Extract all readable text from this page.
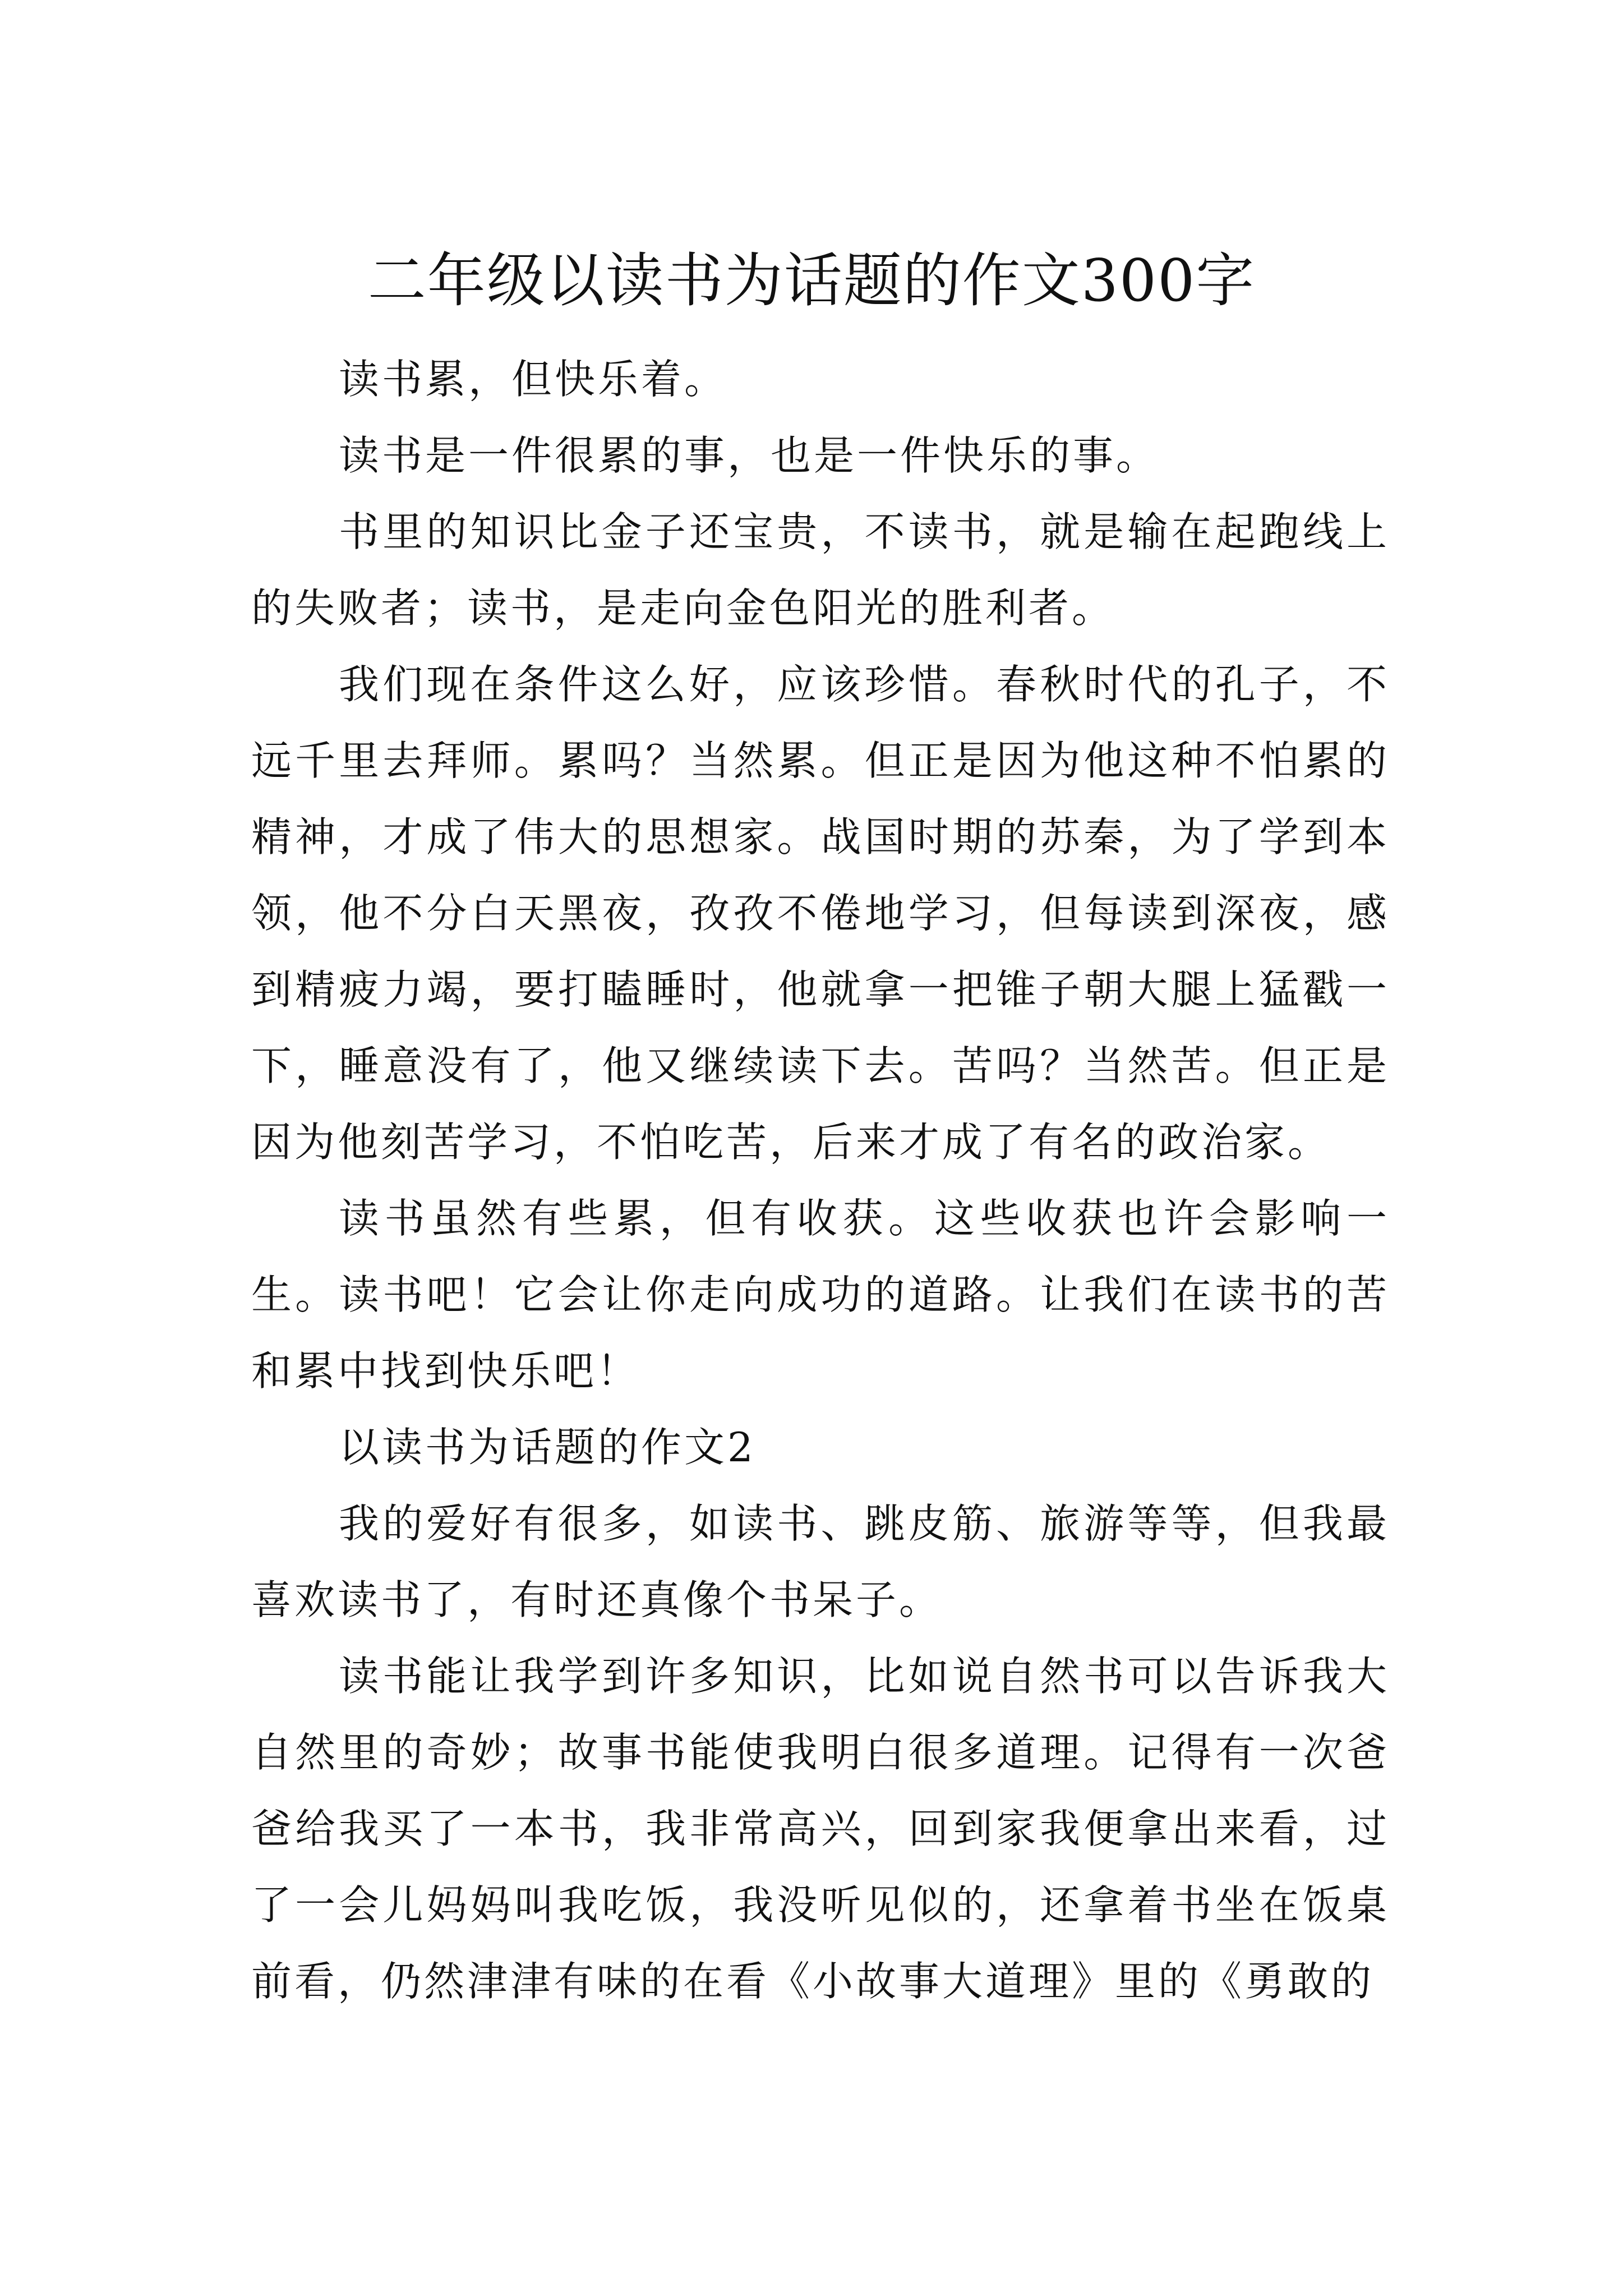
二年级以读书为话题的作文300字

读书累，但快乐着。

读书是一件很累的事，也是一件快乐的事。

书里的知识比金子还宝贵，不读书，就是输在起跑线上的失败者；读书，是走向金色阳光的胜利者。

我们现在条件这么好，应该珍惜。春秋时代的孔子，不远千里去拜师。累吗？当然累。但正是因为他这种不怕累的精神，才成了伟大的思想家。战国时期的苏秦，为了学到本领，他不分白天黑夜，孜孜不倦地学习，但每读到深夜，感到精疲力竭，要打瞌睡时，他就拿一把锥子朝大腿上猛戳一下，睡意没有了，他又继续读下去。苦吗？当然苦。但正是因为他刻苦学习，不怕吃苦，后来才成了有名的政治家。

读书虽然有些累，但有收获。这些收获也许会影响一生。读书吧！它会让你走向成功的道路。让我们在读书的苦和累中找到快乐吧！

以读书为话题的作文2

我的爱好有很多，如读书、跳皮筋、旅游等等，但我最喜欢读书了，有时还真像个书呆子。

读书能让我学到许多知识，比如说自然书可以告诉我大自然里的奇妙；故事书能使我明白很多道理。记得有一次爸爸给我买了一本书，我非常高兴，回到家我便拿出来看，过了一会儿妈妈叫我吃饭，我没听见似的，还拿着书坐在饭桌前看，仍然津津有味的在看《小故事大道理》里的《勇敢的
